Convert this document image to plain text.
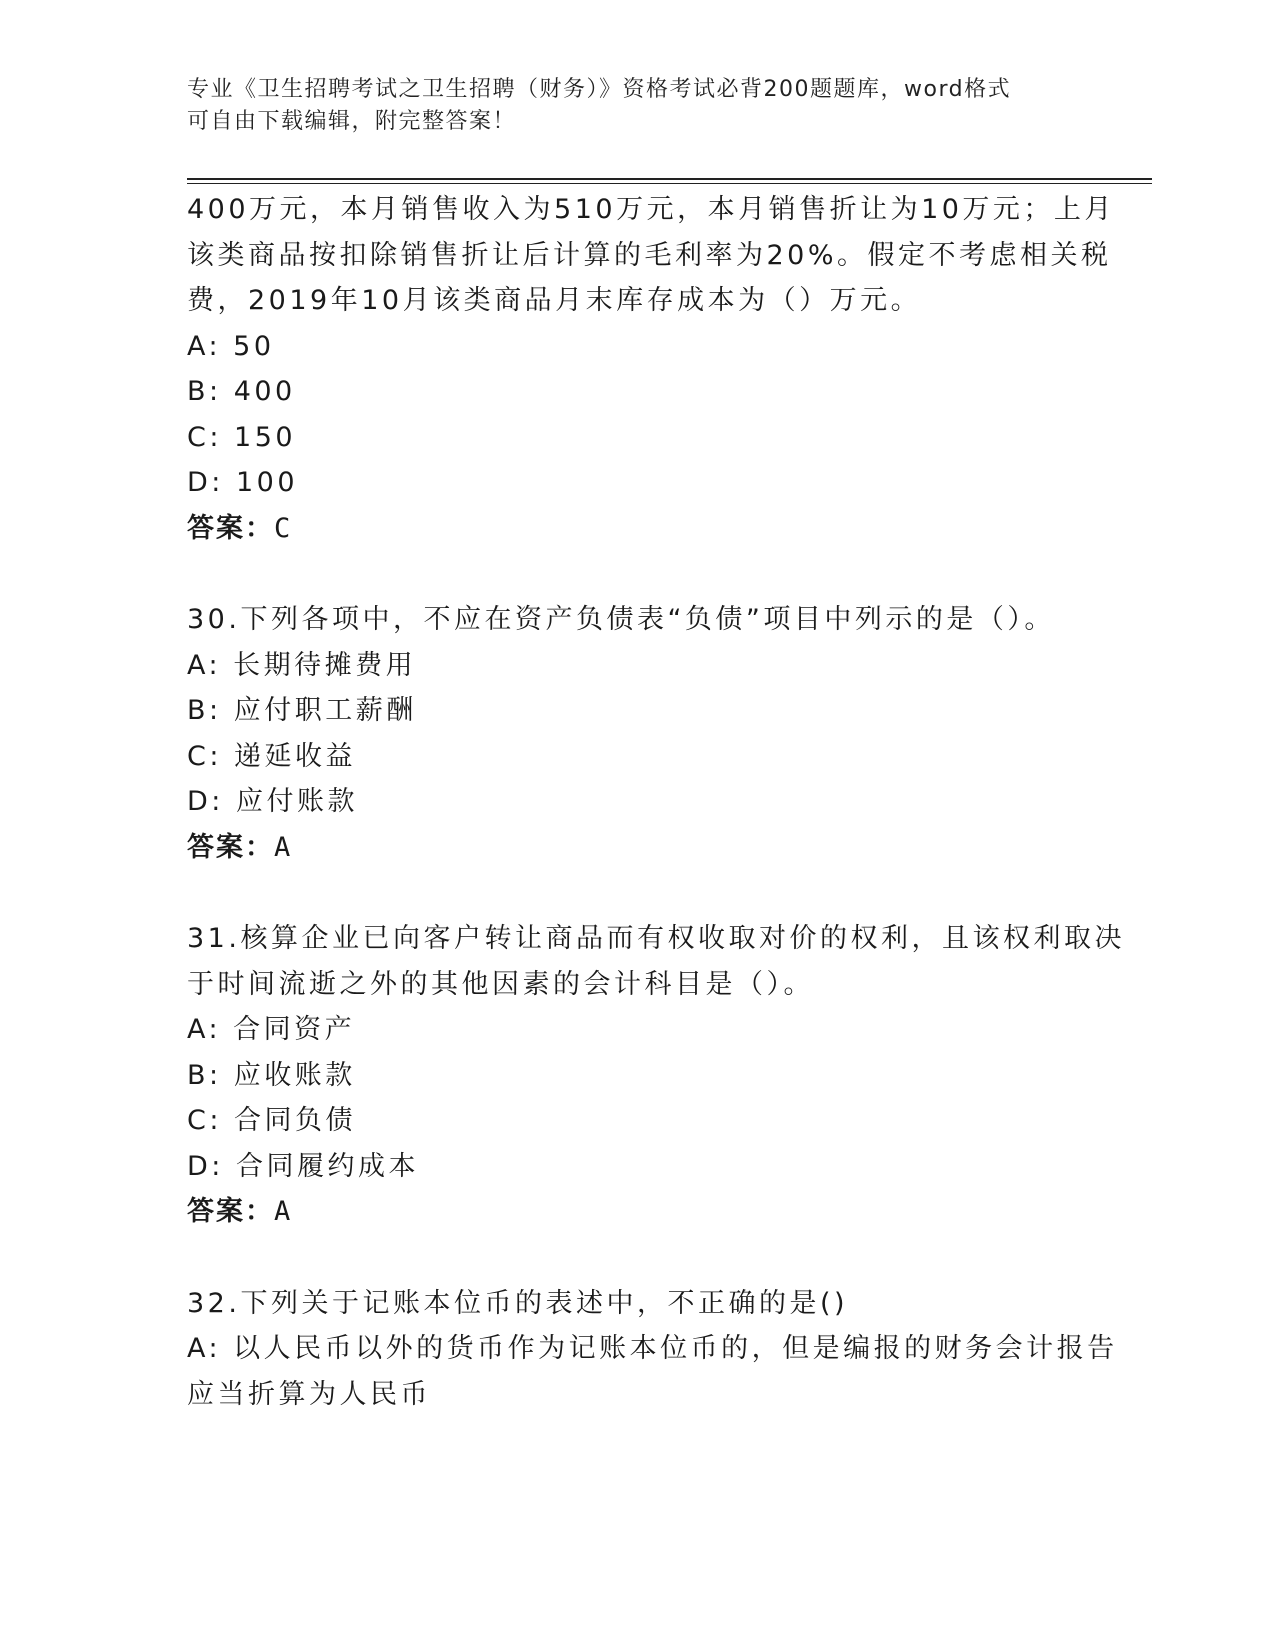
专业《卫生招聘考试之卫生招聘（财务）》资格考试必背200题题库，word格式
可自由下载编辑，附完整答案！
400万元，本月销售收入为510万元，本月销售折让为10万元；上月
该类商品按扣除销售折让后计算的毛利率为20%。假定不考虑相关税
费，2019年10月该类商品月末库存成本为（）万元。
A: 50
B: 400
C: 150
D: 100
答案：C
30.下列各项中，不应在资产负债表“负债”项目中列示的是（）。
A: 长期待摊费用
B: 应付职工薪酬
C: 递延收益
D: 应付账款
答案：A
31.核算企业已向客户转让商品而有权收取对价的权利，且该权利取决
于时间流逝之外的其他因素的会计科目是（）。
A: 合同资产
B: 应收账款
C: 合同负债
D: 合同履约成本
答案：A
32.下列关于记账本位币的表述中，不正确的是()
A: 以人民币以外的货币作为记账本位币的，但是编报的财务会计报告
应当折算为人民币
